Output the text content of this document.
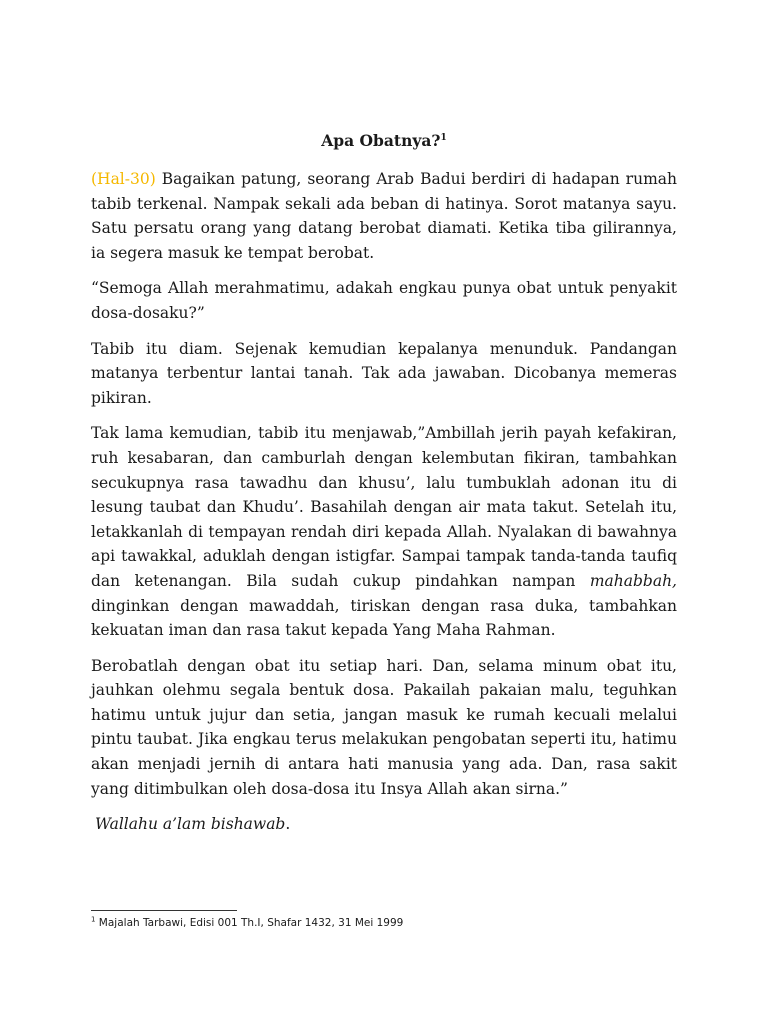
Apa Obatnya?$^1$

(Hal-30) Bagaikan patung, seorang Arab Badui berdiri di hadapan rumah tabib terkenal. Nampak sekali ada beban di hatinya. Sorot matanya sayu. Satu persatu orang yang datang berobat diamati. Ketika tiba gilirannya, ia segera masuk ke tempat berobat.

“Semoga Allah merahmatimu, adakah engkau punya obat untuk penyakit dosa-dosaku?”

Tabib itu diam. Sejenak kemudian kepalanya menunduk. Pandangan matanya terbentur lantai tanah. Tak ada jawaban. Dicobanya memeras pikiran.

Tak lama kemudian, tabib itu menjawab,”Ambillah jerih payah kefakiran, ruh kesabaran, dan camburlah dengan kelembutan fikiran, tambahkan secukupnya rasa tawadhu dan khusu’, lalu tumbuklah adonan itu di lesung taubat dan Khudu’. Basahilah dengan air mata takut. Setelah itu, letakkanlah di tempayan rendah diri kepada Allah. Nyalakan di bawahnya api tawakkal, aduklah dengan istigfar. Sampai tampak tanda-tanda taufiq dan ketenangan. Bila sudah cukup pindahkan nampan mahabbah, dinginkan dengan mawaddah, tiriskan dengan rasa duka, tambahkan kekuatan iman dan rasa takut kepada Yang Maha Rahman.

Berobatlah dengan obat itu setiap hari. Dan, selama minum obat itu, jauhkan olehmu segala bentuk dosa. Pakailah pakaian malu, teguhkan hatimu untuk jujur dan setia, jangan masuk ke rumah kecuali melalui pintu taubat. Jika engkau terus melakukan pengobatan seperti itu, hatimu akan menjadi jernih di antara hati manusia yang ada. Dan, rasa sakit yang ditimbulkan oleh dosa-dosa itu Insya Allah akan sirna.”

Wallahu a’lam bishawab.

$^1$ Majalah Tarbawi, Edisi 001 Th.I, Shafar 1432, 31 Mei 1999
